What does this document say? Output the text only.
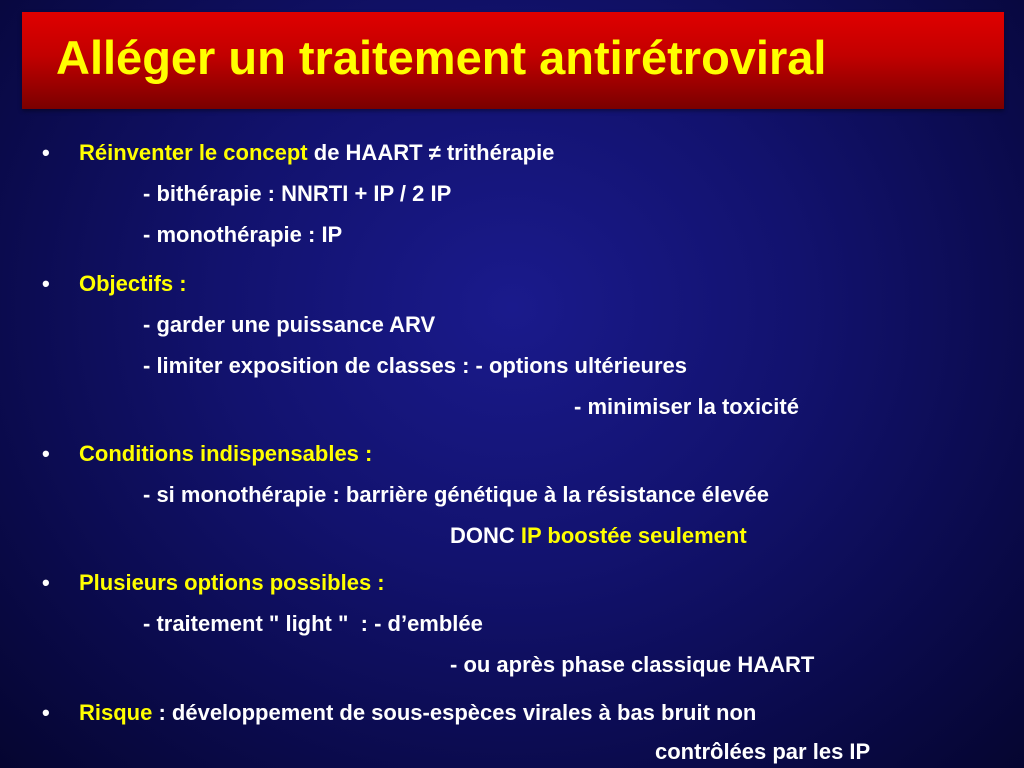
Alléger un traitement antirétroviral
• Réinventer le concept de HAART ≠ trithérapie
- bithérapie : NNRTI + IP / 2 IP
- monothérapie : IP
• Objectifs :
- garder une puissance ARV
- limiter exposition de classes : - options ultérieures
- minimiser la toxicité
• Conditions indispensables :
- si monothérapie : barrière génétique à la résistance élevée
DONC IP boostée seulement
• Plusieurs options possibles :
- traitement " light "  : - d’emblée
- ou après phase classique HAART
• Risque : développement de sous-espèces virales à bas bruit non
contrôlées par les IP
